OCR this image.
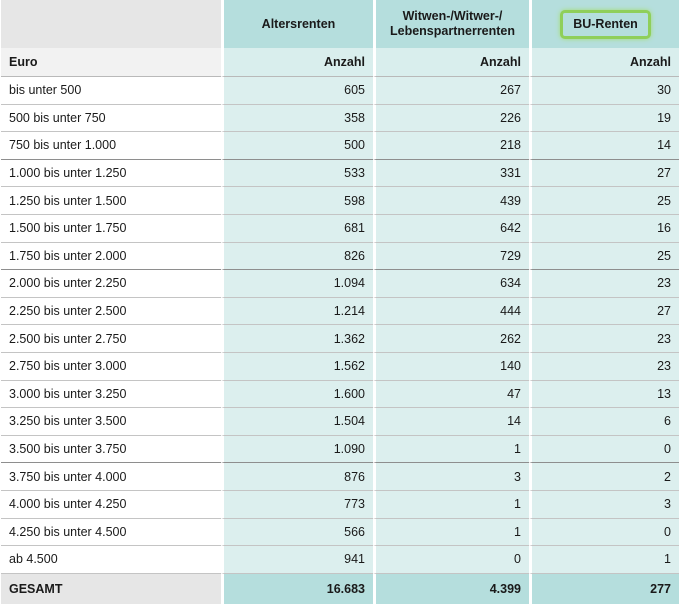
	Altersrenten	Witwen-/Witwer-/
Lebenspartnerrenten	BU-Renten
Euro	Anzahl	Anzahl	Anzahl
bis unter 500	605	267	30
500 bis unter 750	358	226	19
750 bis unter 1.000	500	218	14
1.000 bis unter 1.250	533	331	27
1.250 bis unter 1.500	598	439	25
1.500 bis unter 1.750	681	642	16
1.750 bis unter 2.000	826	729	25
2.000 bis unter 2.250	1.094	634	23
2.250 bis unter 2.500	1.214	444	27
2.500 bis unter 2.750	1.362	262	23
2.750 bis unter 3.000	1.562	140	23
3.000 bis unter 3.250	1.600	47	13
3.250 bis unter 3.500	1.504	14	6
3.500 bis unter 3.750	1.090	1	0
3.750 bis unter 4.000	876	3	2
4.000 bis unter 4.250	773	1	3
4.250 bis unter 4.500	566	1	0
ab 4.500	941	0	1
GESAMT	16.683	4.399	277
